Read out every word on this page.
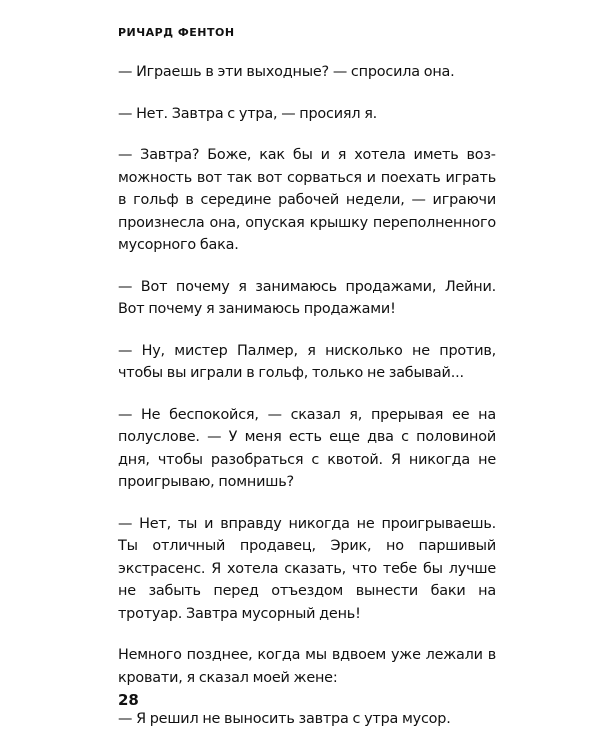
РИЧАРД ФЕНТОН

— Играешь в эти выходные? — спросила она.

— Нет. Завтра с утра, — просиял я.

— Завтра? Боже, как бы и я хотела иметь возможность вот так вот сорваться и поехать играть в гольф в середине рабочей недели, — играючи произнесла она, опуская крышку переполненного мусорного бака.

— Вот почему я занимаюсь продажами, Лейни. Вот почему я занимаюсь продажами!

— Ну, мистер Палмер, я нисколько не против, чтобы вы играли в гольф, только не забывай...

— Не беспокойся, — сказал я, прерывая ее на полуслове. — У меня есть еще два с половиной дня, чтобы разобраться с квотой. Я никогда не проигрываю, помнишь?

— Нет, ты и вправду никогда не проигрываешь. Ты отличный продавец, Эрик, но паршивый экстрасенс. Я хотела сказать, что тебе бы лучше не забыть перед отъездом вынести баки на тротуар. Завтра мусорный день!

Немного позднее, когда мы вдвоем уже лежали в кровати, я сказал моей жене:

— Я решил не выносить завтра с утра мусор.

28
